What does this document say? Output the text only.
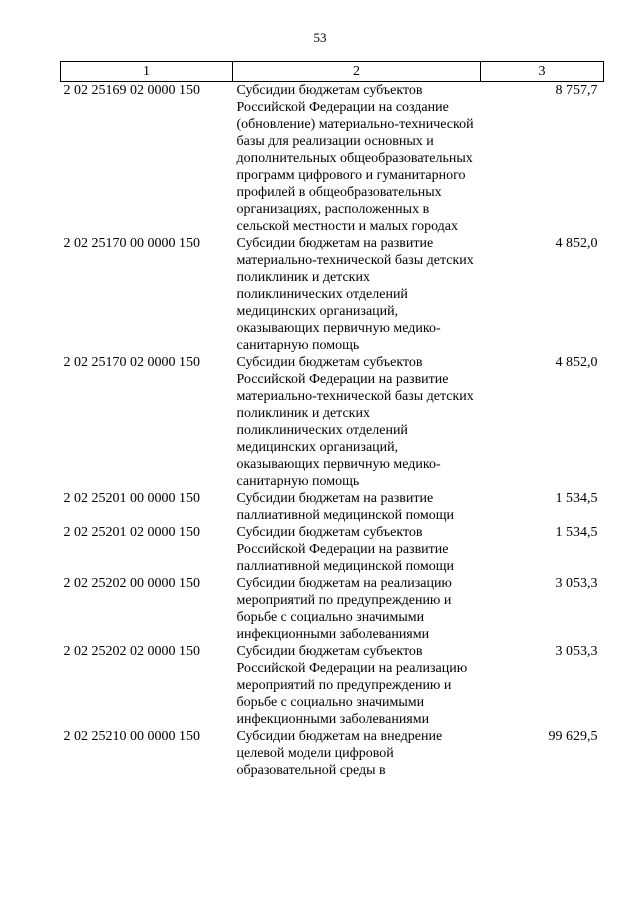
53
1	2	3
2 02 25169 02 0000 150	Субсидии бюджетам субъектов Российской Федерации на создание (обновление) материально-технической базы для реализации основных и дополнительных общеобразовательных программ цифрового и гуманитарного профилей в общеобразовательных организациях, расположенных в сельской местности и малых городах	8 757,7
2 02 25170 00 0000 150	Субсидии бюджетам на развитие материально-технической базы детских поликлиник и детских поликлинических отделений медицинских организаций, оказывающих первичную медико-санитарную помощь	4 852,0
2 02 25170 02 0000 150	Субсидии бюджетам субъектов Российской Федерации на развитие материально-технической базы детских поликлиник и детских поликлинических отделений медицинских организаций, оказывающих первичную медико-санитарную помощь	4 852,0
2 02 25201 00 0000 150	Субсидии бюджетам на развитие паллиативной медицинской помощи	1 534,5
2 02 25201 02 0000 150	Субсидии бюджетам субъектов Российской Федерации на развитие паллиативной медицинской помощи	1 534,5
2 02 25202 00 0000 150	Субсидии бюджетам на реализацию мероприятий по предупреждению и борьбе с социально значимыми инфекционными заболеваниями	3 053,3
2 02 25202 02 0000 150	Субсидии бюджетам субъектов Российской Федерации на реализацию мероприятий по предупреждению и борьбе с социально значимыми инфекционными заболеваниями	3 053,3
2 02 25210 00 0000 150	Субсидии бюджетам на внедрение целевой модели цифровой образовательной среды в	99 629,5
